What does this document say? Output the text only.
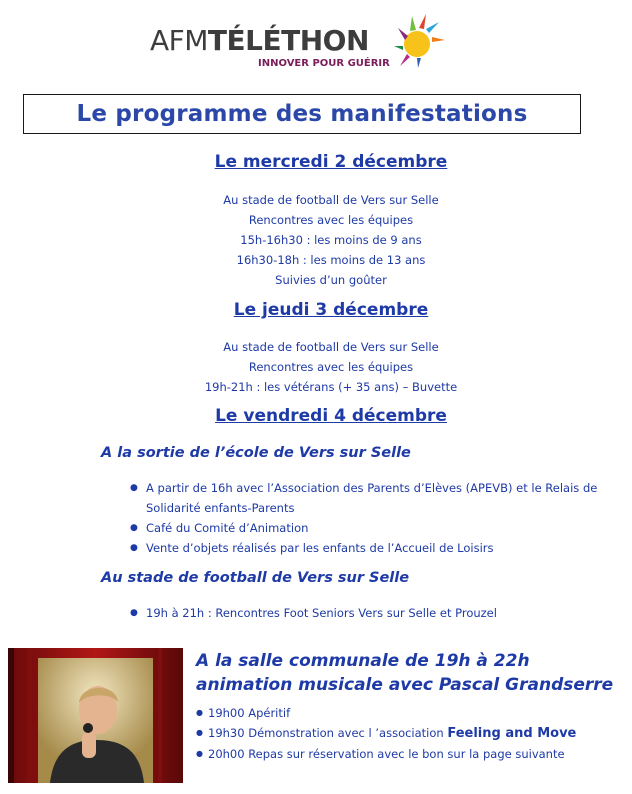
AFMTÉLÉTHON
INNOVER POUR GUÉRIR
Le programme des manifestations
Le mercredi 2 décembre
Au stade de football de Vers sur Selle
Rencontres avec les équipes
15h-16h30 : les moins de 9 ans
16h30-18h : les moins de 13 ans
Suivies d’un goûter
Le jeudi 3 décembre
Au stade de football de Vers sur Selle
Rencontres avec les équipes
19h-21h : les vétérans (+ 35 ans) – Buvette
Le vendredi 4 décembre
A la sortie de l’école de Vers sur Selle
● A partir de 16h avec l’Association des Parents d’Elèves (APEVB) et le Relais de Solidarité enfants-Parents
● Café du Comité d’Animation
● Vente d’objets réalisés par les enfants de l’Accueil de Loisirs
Au stade de football de Vers sur Selle
● 19h à 21h : Rencontres Foot Seniors Vers sur Selle et Prouzel
A la salle communale de 19h à 22h
animation musicale avec Pascal Grandserre
● 19h00 Apéritif
● 19h30 Démonstration avec l ’association Feeling and Move
● 20h00 Repas sur réservation avec le bon sur la page suivante
